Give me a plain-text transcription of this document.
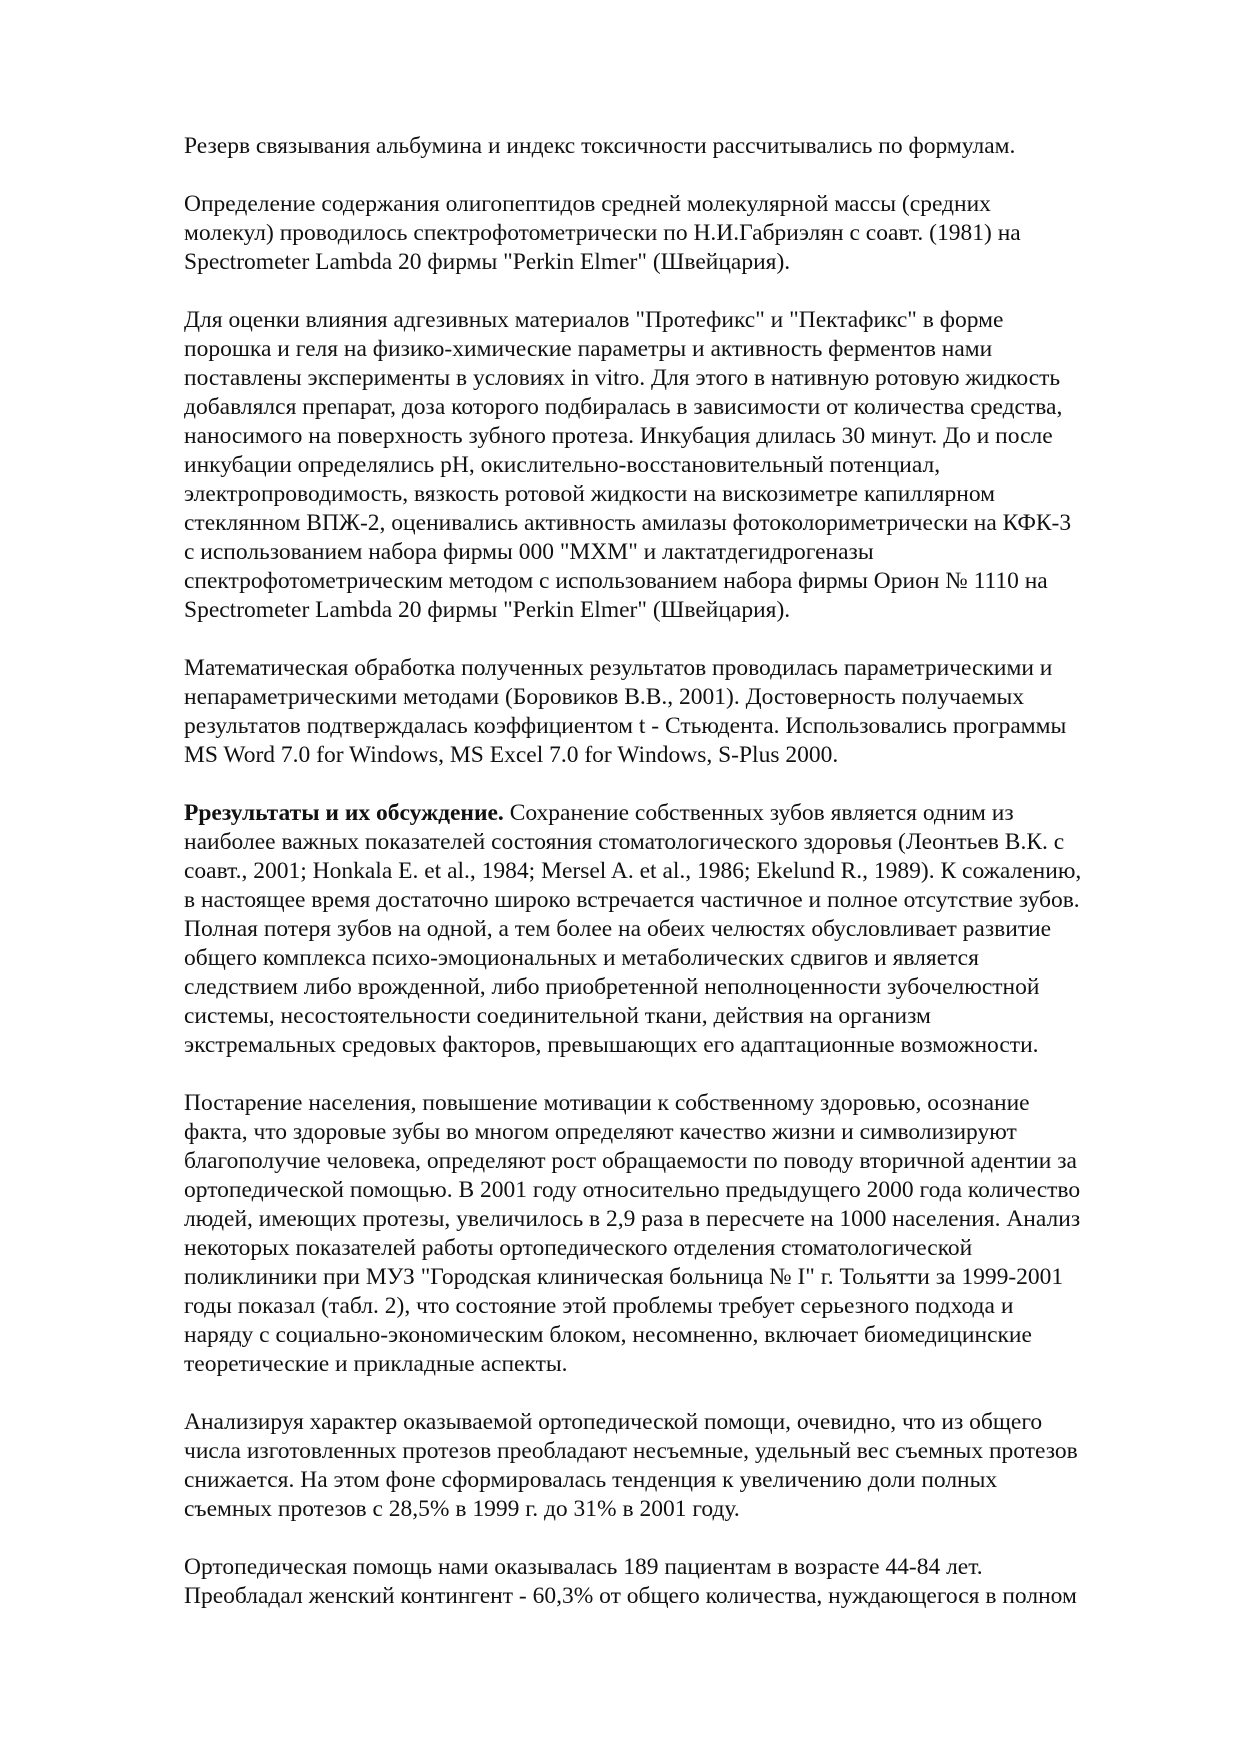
Резерв связывания альбумина и индекс токсичности рассчитывались по формулам.
Определение содержания олигопептидов средней молекулярной массы (средних
молекул) проводилось спектрофотометрически по Н.И.Габриэлян с соавт. (1981) на
Spectrometer Lambda 20 фирмы "Perkin Elmer" (Швейцария).
Для оценки влияния адгезивных материалов "Протефикс" и "Пектафикс" в форме
порошка и геля на физико-химические параметры и активность ферментов нами
поставлены эксперименты в условиях in vitro. Для этого в нативную ротовую жидкость
добавлялся препарат, доза которого подбиралась в зависимости от количества средства,
наносимого на поверхность зубного протеза. Инкубация длилась 30 минут. До и после
инкубации определялись рН, окислительно-восстановительный потенциал,
электропроводимость, вязкость ротовой жидкости на вискозиметре капиллярном
стеклянном ВПЖ-2, оценивались активность амилазы фотоколориметрически на КФК-3
с использованием набора фирмы 000 "МХМ" и лактатдегидрогеназы
спектрофотометрическим методом с использованием набора фирмы Орион № 1110 на
Spectrometer Lambda 20 фирмы "Perkin Elmer" (Швейцария).
Математическая обработка полученных результатов проводилась параметрическими и
непараметрическими методами (Боровиков В.В., 2001). Достоверность получаемых
результатов подтверждалась коэффициентом t - Стьюдента. Использовались программы
MS Word 7.0 for Windows, MS Excel 7.0 for Windows, S-Plus 2000.
Ррезультаты и их обсуждение. Сохранение собственных зубов является одним из
наиболее важных показателей состояния стоматологического здоровья (Леонтьев В.К. с
соавт., 2001; Honkala E. et al., 1984; Mersel A. et al., 1986; Ekelund R., 1989). К сожалению,
в настоящее время достаточно широко встречается частичное и полное отсутствие зубов.
Полная потеря зубов на одной, а тем более на обеих челюстях обусловливает развитие
общего комплекса психо-эмоциональных и метаболических сдвигов и является
следствием либо врожденной, либо приобретенной неполноценности зубочелюстной
системы, несостоятельности соединительной ткани, действия на организм
экстремальных средовых факторов, превышающих его адаптационные возможности.
Постарение населения, повышение мотивации к собственному здоровью, осознание
факта, что здоровые зубы во многом определяют качество жизни и символизируют
благополучие человека, определяют рост обращаемости по поводу вторичной адентии за
ортопедической помощью. В 2001 году относительно предыдущего 2000 года количество
людей, имеющих протезы, увеличилось в 2,9 раза в пересчете на 1000 населения. Анализ
некоторых показателей работы ортопедического отделения стоматологической
поликлиники при МУЗ "Городская клиническая больница № I" г. Тольятти за 1999-2001
годы показал (табл. 2), что состояние этой проблемы требует серьезного подхода и
наряду с социально-экономическим блоком, несомненно, включает биомедицинские
теоретические и прикладные аспекты.
Анализируя характер оказываемой ортопедической помощи, очевидно, что из общего
числа изготовленных протезов преобладают несъемные, удельный вес съемных протезов
снижается. На этом фоне сформировалась тенденция к увеличению доли полных
съемных протезов с 28,5% в 1999 г. до 31% в 2001 году.
Ортопедическая помощь нами оказывалась 189 пациентам в возрасте 44-84 лет.
Преобладал женский контингент - 60,3% от общего количества, нуждающегося в полном
